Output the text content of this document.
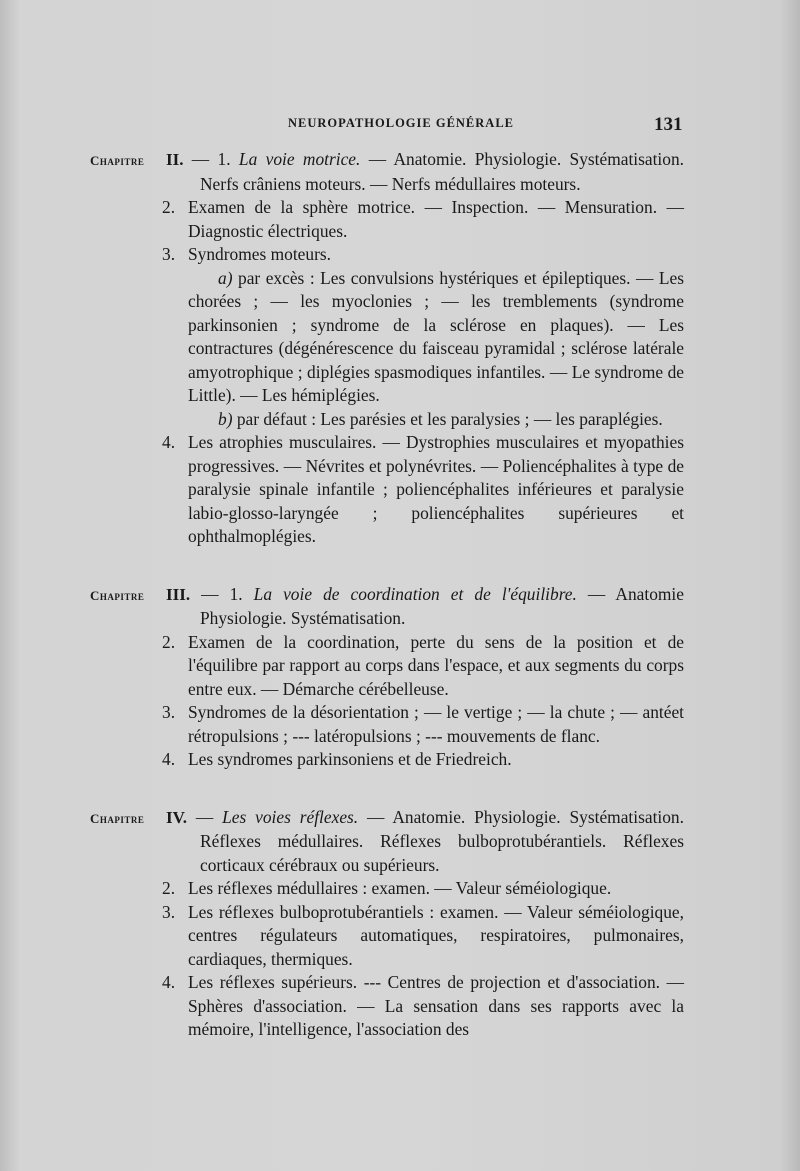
NEUROPATHOLOGIE GÉNÉRALE	131

Chapitre II. — 1. La voie motrice. — Anatomie. Physiologie. Systématisation. Nerfs crâniens moteurs. — Nerfs médullaires moteurs.

2. Examen de la sphère motrice. — Inspection. — Mensuration. — Diagnostic électriques.

3. Syndromes moteurs.

a) par excès : Les convulsions hystériques et épileptiques. — Les chorées ; — les myoclonies ; — les tremblements (syndrome parkinsonien ; syndrome de la sclérose en plaques). — Les contractures (dégénérescence du faisceau pyramidal ; sclérose latérale amyotrophique ; diplégies spasmodiques infantiles. — Le syndrome de Little). — Les hémiplégies.

b) par défaut : Les parésies et les paralysies ; — les paraplégies.

4. Les atrophies musculaires. — Dystrophies musculaires et myopathies progressives. — Névrites et polynévrites. — Poliencéphalites à type de paralysie spinale infantile ; poliencéphalites inférieures et paralysie labio-glosso-laryngée ; poliencéphalites supérieures et ophthalmoplégies.

Chapitre III. — 1. La voie de coordination et de l'équilibre. — Anatomie Physiologie. Systématisation.

2. Examen de la coordination, perte du sens de la position et de l'équilibre par rapport au corps dans l'espace, et aux segments du corps entre eux. — Démarche cérébelleuse.

3. Syndromes de la désorientation ; — le vertige ; — la chute ; — antéet rétropulsions ; --- latéropulsions ; --- mouvements de flanc.

4. Les syndromes parkinsoniens et de Friedreich.

Chapitre IV. — Les voies réflexes. — Anatomie. Physiologie. Systématisation. Réflexes médullaires. Réflexes bulboprotubérantiels. Réflexes corticaux cérébraux ou supérieurs.

2. Les réflexes médullaires : examen. — Valeur séméiologique.

3. Les réflexes bulboprotubérantiels : examen. — Valeur séméiologique, centres régulateurs automatiques, respiratoires, pulmonaires, cardiaques, thermiques.

4. Les réflexes supérieurs. --- Centres de projection et d'association. — Sphères d'association. — La sensation dans ses rapports avec la mémoire, l'intelligence, l'association des
